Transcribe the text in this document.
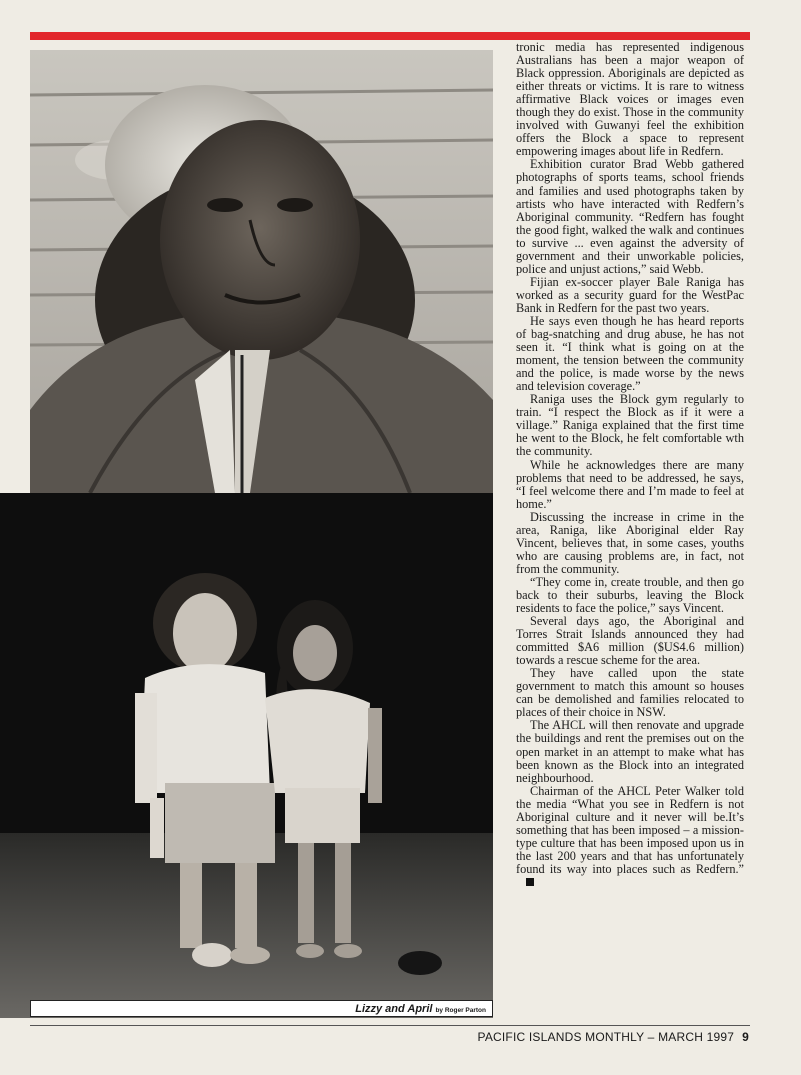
Lizzy and April by Roger Parton

tronic media has represented indigenous Australians has been a major weapon of Black oppression. Aboriginals are depicted as either threats or victims. It is rare to witness affirmative Black voices or images even though they do exist. Those in the community involved with Guwanyi feel the exhibition offers the Block a space to represent empowering images about life in Redfern.

Exhibition curator Brad Webb gathered photographs of sports teams, school friends and families and used photographs taken by artists who have interacted with Redfern’s Aboriginal community. “Redfern has fought the good fight, walked the walk and continues to survive ... even against the adversity of government and their unworkable policies, police and unjust actions,” said Webb.

Fijian ex-soccer player Bale Raniga has worked as a security guard for the WestPac Bank in Redfern for the past two years.

He says even though he has heard reports of bag-snatching and drug abuse, he has not seen it. “I think what is going on at the moment, the tension between the community and the police, is made worse by the news and television coverage.”

Raniga uses the Block gym regularly to train. “I respect the Block as if it were a village.” Raniga explained that the first time he went to the Block, he felt comfortable wth the community.

While he acknowledges there are many problems that need to be addressed, he says, “I feel welcome there and I’m made to feel at home.”

Discussing the increase in crime in the area, Raniga, like Aboriginal elder Ray Vincent, believes that, in some cases, youths who are causing problems are, in fact, not from the community.

“They come in, create trouble, and then go back to their suburbs, leaving the Block residents to face the police,” says Vincent.

Several days ago, the Aboriginal and Torres Strait Islands announced they had committed $A6 million ($US4.6 million) towards a rescue scheme for the area.

They have called upon the state government to match this amount so houses can be demolished and families relocated to places of their choice in NSW.

The AHCL will then renovate and upgrade the buildings and rent the premises out on the open market in an attempt to make what has been known as the Block into an integrated neighbourhood.

Chairman of the AHCL Peter Walker told the media “What you see in Redfern is not Aboriginal culture and it never will be.It’s something that has been imposed – a mission-type culture that has been imposed upon us in the last 200 years and that has unfortunately found its way into places such as Redfern.”

PACIFIC ISLANDS MONTHLY – MARCH 1997 9
